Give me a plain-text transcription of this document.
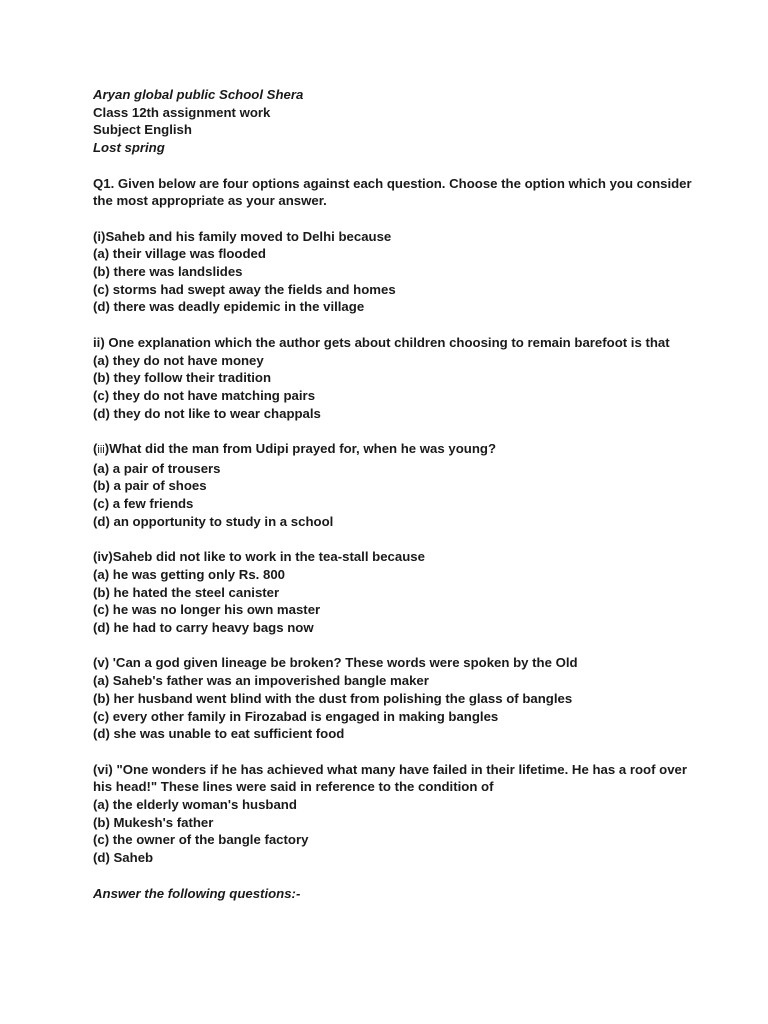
Aryan global public School Shera
Class 12th assignment work
Subject English
Lost spring
Q1. Given below are four options against each question. Choose the option which you consider the most appropriate as your answer.
(i)Saheb and his family moved to Delhi because
(a) their village was flooded
(b) there was landslides
(c) storms had swept away the fields and homes
(d) there was deadly epidemic in the village
ii) One explanation which the author gets about children choosing to remain barefoot is that
(a) they do not have money
(b) they follow their tradition
(c) they do not have matching pairs
(d) they do not like to wear chappals
(iii)What did the man from Udipi prayed for, when he was young?
(a) a pair of trousers
(b) a pair of shoes
(c) a few friends
(d) an opportunity to study in a school
(iv)Saheb did not like to work in the tea-stall because
(a) he was getting only Rs. 800
(b) he hated the steel canister
(c) he was no longer his own master
(d) he had to carry heavy bags now
(v) 'Can a god given lineage be broken? These words were spoken by the Old
(a) Saheb's father was an impoverished bangle maker
(b) her husband went blind with the dust from polishing the glass of bangles
(c) every other family in Firozabad is engaged in making bangles
(d) she was unable to eat sufficient food
(vi) "One wonders if he has achieved what many have failed in their lifetime. He has a roof over his head!" These lines were said in reference to the condition of
(a) the elderly woman's husband
(b) Mukesh's father
(c) the owner of the bangle factory
(d) Saheb
Answer the following questions:-
